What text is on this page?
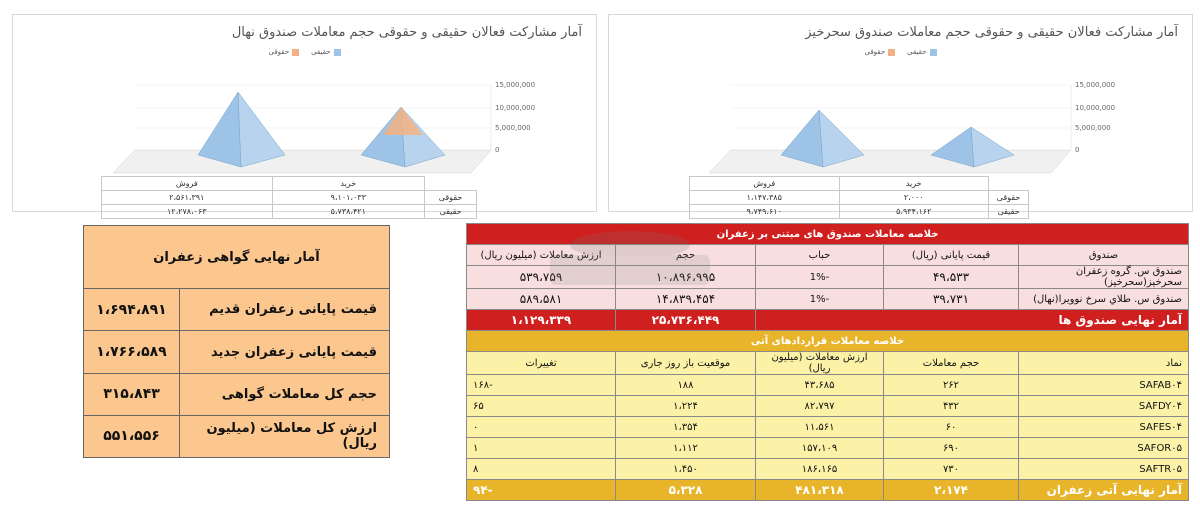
آمار مشارکت فعالان حقیقی و حقوقی حجم معاملات صندوق نهال
حقیقی
حقوقی
15,000,000
10,000,000
5,000,000
0
	خرید	فروش
حقوقی	۹،۱۰۱،۰۳۳	۲،۵۶۱،۳۹۱
حقیقی	۵،۷۳۸،۴۲۱	۱۲،۲۷۸،۰۶۳
آمار مشارکت فعالان حقیقی و حقوقی حجم معاملات صندوق سحرخیز
حقیقی
حقوقی
15,000,000
10,000,000
5,000,000
0
	خرید	فروش
حقوقی	۲،۰۰۰	۱،۱۴۷،۳۸۵
حقیقی	۵،۹۳۴،۱۶۲	۹،۷۴۹،۶۱۰
آمار نهایی گواهی زعفران	
قیمت پایانی زعفران قدیم	۱،۶۹۴،۸۹۱
قیمت پایانی زعفران جدید	۱،۷۶۶،۵۸۹
حجم کل معاملات گواهی	۳۱۵،۸۴۳
ارزش کل معاملات (میلیون ریال)	۵۵۱،۵۵۶
خلاصه معاملات صندوق های مبتنی بر زعفران				
صندوق	قیمت پایانی (ریال)	حباب	حجم	ارزش معاملات (میلیون ریال)
صندوق س. گروه زعفران سحرخیز(سحرخیز)	۴۹،۵۳۳	-1%	۱۰،۸۹۶،۹۹۵	۵۳۹،۷۵۹
صندوق س. طلاي سرخ نوويرا(نهال)	۳۹،۷۳۱	-1%	۱۴،۸۳۹،۴۵۴	۵۸۹،۵۸۱
آمار نهایی صندوق ها			۲۵،۷۳۶،۴۴۹	۱،۱۲۹،۳۳۹
خلاصه معاملات قراردادهای آتی				
نماد	حجم معاملات	ارزش معاملات (میلیون ریال)	موقعیت باز روز جاری	تغییرات
SAFAB۰۴	۲۶۲	۴۳،۶۸۵	۱۸۸	-۱۶۸
SAFDY۰۴	۴۳۲	۸۲،۷۹۷	۱،۲۲۴	۶۵
SAFES۰۴	۶۰	۱۱،۵۶۱	۱،۳۵۴	۰
SAFOR۰۵	۶۹۰	۱۵۷،۱۰۹	۱،۱۱۲	۱
SAFTR۰۵	۷۳۰	۱۸۶،۱۶۵	۱،۴۵۰	۸
آمار نهایی آتی زعفران	۲،۱۷۴	۴۸۱،۳۱۸	۵،۳۲۸	-۹۴
